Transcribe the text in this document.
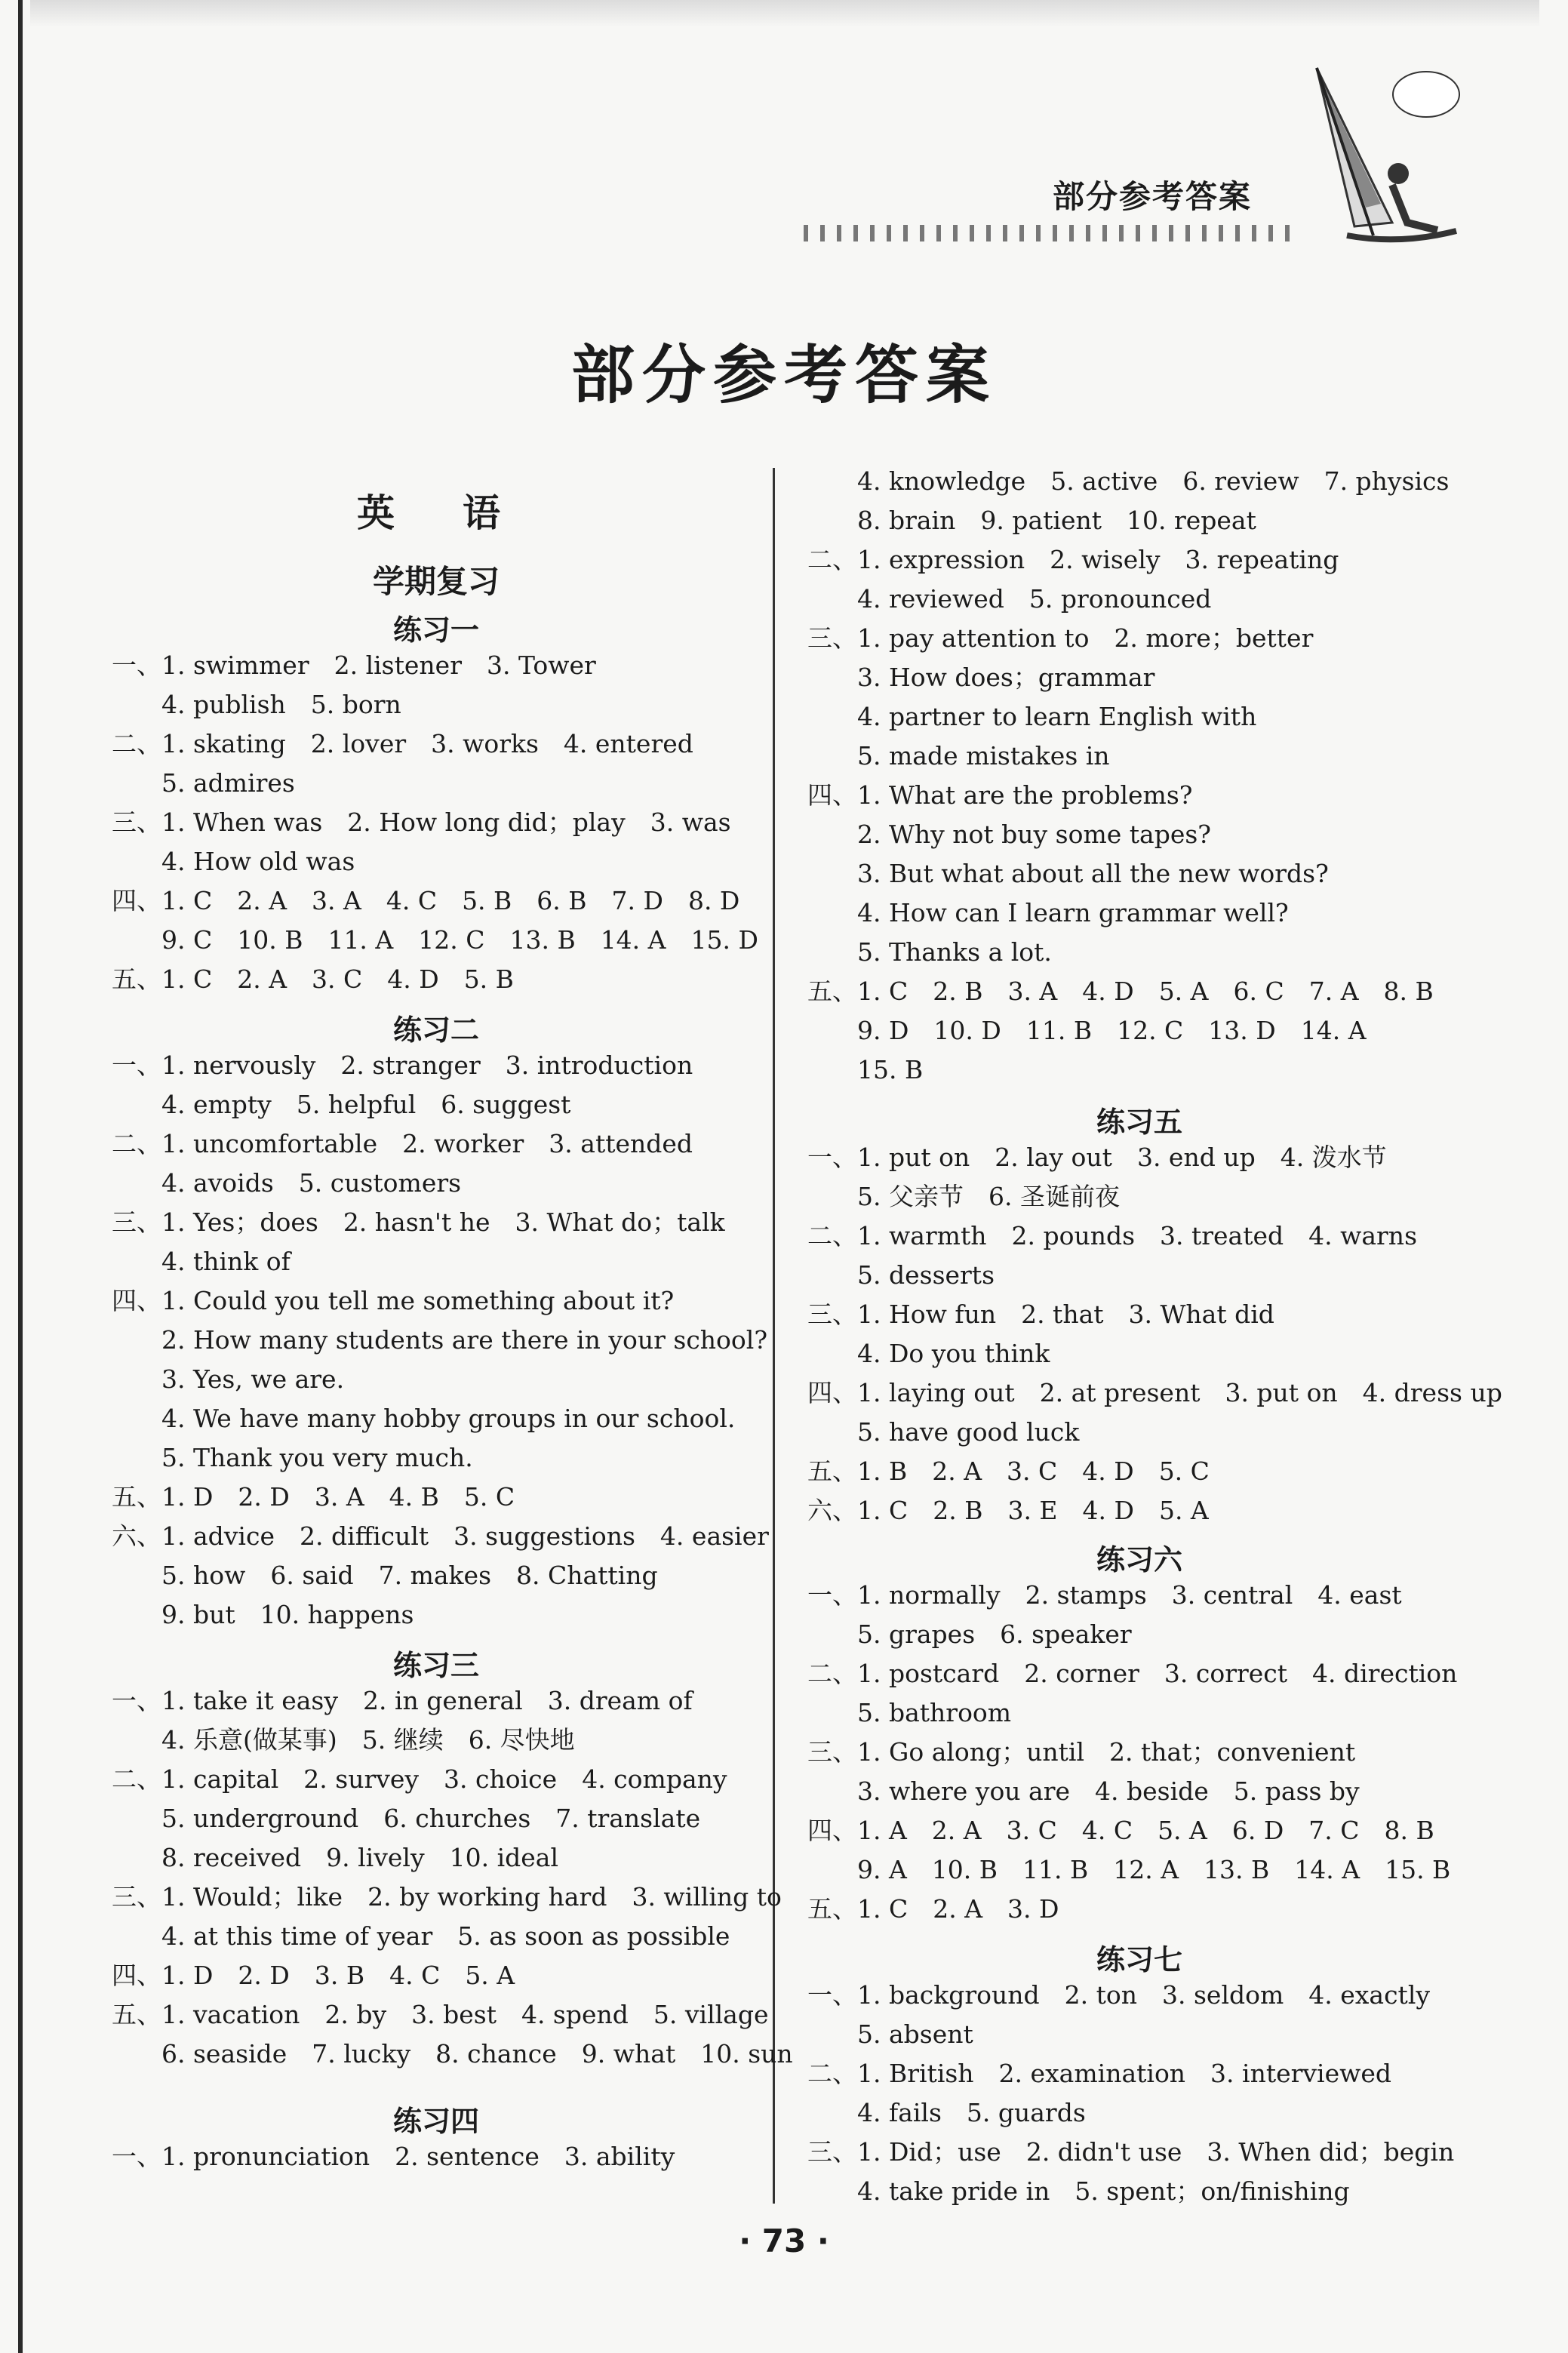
部分参考答案
部分参考答案
英　语
学期复习
练习一
一、1. swimmer　2. listener　3. Tower
　　4. publish　5. born
二、1. skating　2. lover　3. works　4. entered
　　5. admires
三、1. When was　2. How long did；play　3. was
　　4. How old was
四、1. C　2. A　3. A　4. C　5. B　6. B　7. D　8. D
　　9. C　10. B　11. A　12. C　13. B　14. A　15. D
五、1. C　2. A　3. C　4. D　5. B
练习二
一、1. nervously　2. stranger　3. introduction
　　4. empty　5. helpful　6. suggest
二、1. uncomfortable　2. worker　3. attended
　　4. avoids　5. customers
三、1. Yes；does　2. hasn't he　3. What do；talk
　　4. think of
四、1. Could you tell me something about it?
　　2. How many students are there in your school?
　　3. Yes, we are.
　　4. We have many hobby groups in our school.
　　5. Thank you very much.
五、1. D　2. D　3. A　4. B　5. C
六、1. advice　2. difficult　3. suggestions　4. easier
　　5. how　6. said　7. makes　8. Chatting
　　9. but　10. happens
练习三
一、1. take it easy　2. in general　3. dream of
　　4. 乐意(做某事)　5. 继续　6. 尽快地
二、1. capital　2. survey　3. choice　4. company
　　5. underground　6. churches　7. translate
　　8. received　9. lively　10. ideal
三、1. Would；like　2. by working hard　3. willing to
　　4. at this time of year　5. as soon as possible
四、1. D　2. D　3. B　4. C　5. A
五、1. vacation　2. by　3. best　4. spend　5. village
　　6. seaside　7. lucky　8. chance　9. what　10. sun
练习四
一、1. pronunciation　2. sentence　3. ability
　　4. knowledge　5. active　6. review　7. physics
　　8. brain　9. patient　10. repeat
二、1. expression　2. wisely　3. repeating
　　4. reviewed　5. pronounced
三、1. pay attention to　2. more；better
　　3. How does；grammar
　　4. partner to learn English with
　　5. made mistakes in
四、1. What are the problems?
　　2. Why not buy some tapes?
　　3. But what about all the new words?
　　4. How can I learn grammar well?
　　5. Thanks a lot.
五、1. C　2. B　3. A　4. D　5. A　6. C　7. A　8. B
　　9. D　10. D　11. B　12. C　13. D　14. A
　　15. B
练习五
一、1. put on　2. lay out　3. end up　4. 泼水节
　　5. 父亲节　6. 圣诞前夜
二、1. warmth　2. pounds　3. treated　4. warns
　　5. desserts
三、1. How fun　2. that　3. What did
　　4. Do you think
四、1. laying out　2. at present　3. put on　4. dress up
　　5. have good luck
五、1. B　2. A　3. C　4. D　5. C
六、1. C　2. B　3. E　4. D　5. A
练习六
一、1. normally　2. stamps　3. central　4. east
　　5. grapes　6. speaker
二、1. postcard　2. corner　3. correct　4. direction
　　5. bathroom
三、1. Go along；until　2. that；convenient
　　3. where you are　4. beside　5. pass by
四、1. A　2. A　3. C　4. C　5. A　6. D　7. C　8. B
　　9. A　10. B　11. B　12. A　13. B　14. A　15. B
五、1. C　2. A　3. D
练习七
一、1. background　2. ton　3. seldom　4. exactly
　　5. absent
二、1. British　2. examination　3. interviewed
　　4. fails　5. guards
三、1. Did；use　2. didn't use　3. When did；begin
　　4. take pride in　5. spent；on/finishing
· 73 ·
